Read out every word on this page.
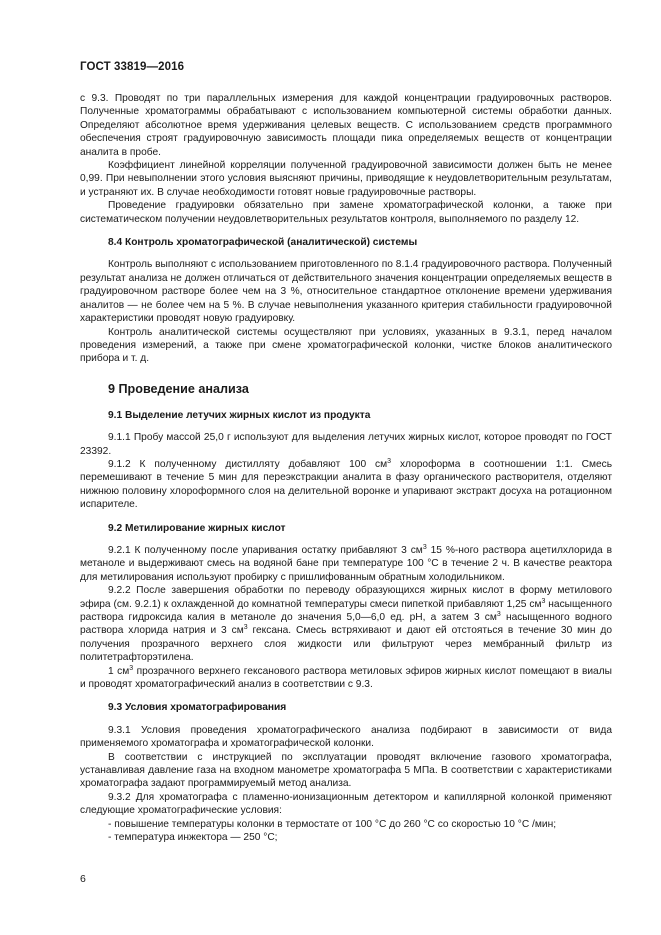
ГОСТ 33819—2016

с 9.3. Проводят по три параллельных измерения для каждой концентрации градуировочных растворов. Полученные хроматограммы обрабатывают с использованием компьютерной системы обработки данных. Определяют абсолютное время удерживания целевых веществ. С использованием средств программного обеспечения строят градуировочную зависимость площади пика определяемых веществ от концентрации аналита в пробе.

Коэффициент линейной корреляции полученной градуировочной зависимости должен быть не менее 0,99. При невыполнении этого условия выясняют причины, приводящие к неудовлетворительным результатам, и устраняют их. В случае необходимости готовят новые градуировочные растворы.

Проведение градуировки обязательно при замене хроматографической колонки, а также при систематическом получении неудовлетворительных результатов контроля, выполняемого по разделу 12.

8.4 Контроль хроматографической (аналитической) системы

Контроль выполняют с использованием приготовленного по 8.1.4 градуировочного раствора. Полученный результат анализа не должен отличаться от действительного значения концентрации определяемых веществ в градуировочном растворе более чем на 3 %, относительное стандартное отклонение времени удерживания аналитов — не более чем на 5 %. В случае невыполнения указанного критерия стабильности градуировочной характеристики проводят новую градуировку.

Контроль аналитической системы осуществляют при условиях, указанных в 9.3.1, перед началом проведения измерений, а также при смене хроматографической колонки, чистке блоков аналитического прибора и т. д.

9 Проведение анализа
9.1 Выделение летучих жирных кислот из продукта

9.1.1 Пробу массой 25,0 г используют для выделения летучих жирных кислот, которое проводят по ГОСТ 23392.

9.1.2 К полученному дистилляту добавляют 100 $см^3$ хлороформа в соотношении 1:1. Смесь перемешивают в течение 5 мин для переэкстракции аналита в фазу органического растворителя, отделяют нижнюю половину хлороформного слоя на делительной воронке и упаривают экстракт досуха на ротационном испарителе.

9.2 Метилирование жирных кислот

9.2.1 К полученному после упаривания остатку прибавляют 3 $см^3$ 15 %-ного раствора ацетилхлорида в метаноле и выдерживают смесь на водяной бане при температуре 100 °С в течение 2 ч. В качестве реактора для метилирования используют пробирку с пришлифованным обратным холодильником.

9.2.2 После завершения обработки по переводу образующихся жирных кислот в форму метилового эфира (см. 9.2.1) к охлажденной до комнатной температуры смеси пипеткой прибавляют 1,25 $см^3$ насыщенного раствора гидроксида калия в метаноле до значения 5,0—6,0 ед. рН, а затем 3 $см^3$ насыщенного водного раствора хлорида натрия и 3 $см^3$ гексана. Смесь встряхивают и дают ей отстояться в течение 30 мин до получения прозрачного верхнего слоя жидкости или фильтруют через мембранный фильтр из политетрафторэтилена.

1 $см^3$ прозрачного верхнего гексанового раствора метиловых эфиров жирных кислот помещают в виалы и проводят хроматографический анализ в соответствии с 9.3.

9.3 Условия хроматографирования

9.3.1 Условия проведения хроматографического анализа подбирают в зависимости от вида применяемого хроматографа и хроматографической колонки.

В соответствии с инструкцией по эксплуатации проводят включение газового хроматографа, устанавливая давление газа на входном манометре хроматографа 5 МПа. В соответствии с характеристиками хроматографа задают программируемый метод анализа.

9.3.2 Для хроматографа с пламенно-ионизационным детектором и капиллярной колонкой применяют следующие хроматографические условия:

- повышение температуры колонки в термостате от 100 °С до 260 °С со скоростью 10 °С /мин;

- температура инжектора — 250 °С;

6
